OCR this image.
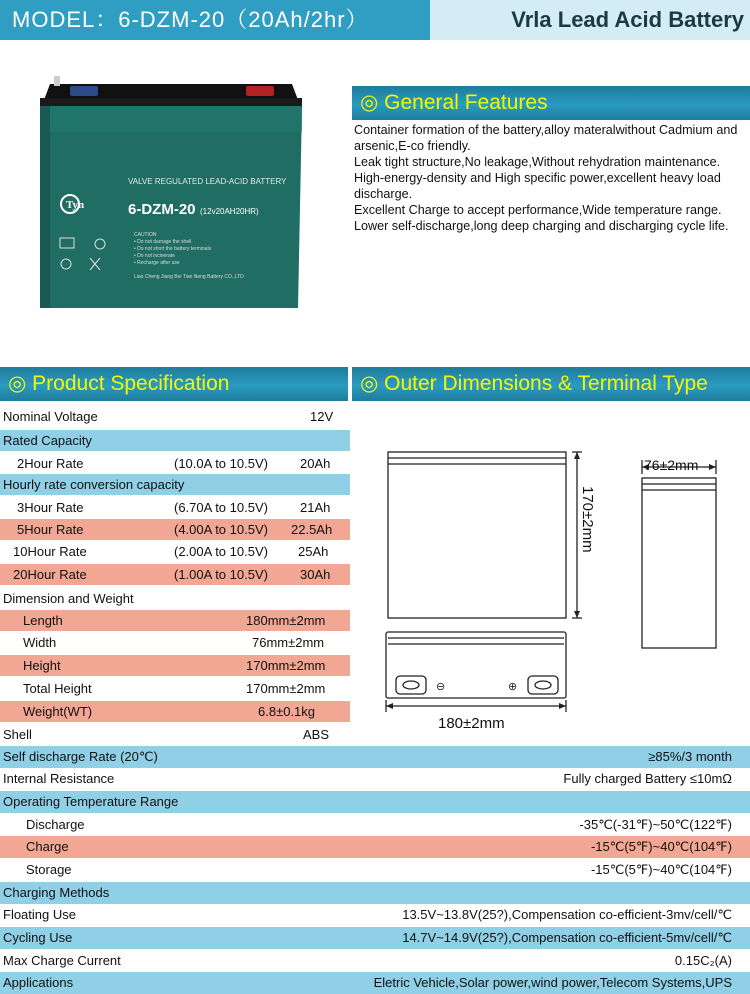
MODEL：6-DZM-20（20Ah/2hr）	Vrla Lead Acid Battery
Tyn
VALVE REGULATED LEAD-ACID BATTERY
6-DZM-20 (12v20AH20HR)
CAUTION
• Do not damage the shell
• Do not short the battery terminals
• Do not incinerate
• Recharge after use
Liao Cheng Jiang Bei Tian Neng Battery CO.,LTD
◎ General Features

Container formation of the battery,alloy materalwithout Cadmium and arsenic,E-co friendly.

Leak tight structure,No leakage,Without rehydration maintenance.

High-energy-density and High specific power,excellent heavy load discharge.

Excellent Charge to accept performance,Wide temperature range.

Lower self-discharge,long deep charging and discharging cycle life.

◎ Product Specification	◎ Outer Dimensions & Terminal Type
Nominal Voltage	12V
Rated Capacity
2Hour Rate	(10.0A to 10.5V) 20Ah
Hourly rate conversion capacity
3Hour Rate	(6.70A to 10.5V) 21Ah
5Hour Rate	(4.00A to 10.5V) 22.5Ah
10Hour Rate	(2.00A to 10.5V) 25Ah
20Hour Rate	(1.00A to 10.5V) 30Ah
Dimension and Weight
Length	180mm±2mm
Width	76mm±2mm
Height	170mm±2mm
Total Height	170mm±2mm
Weight(WT)	6.8±0.1kg
Shell	ABS
⊖	⊕
76±2mm
170±2mm
180±2mm
Self discharge Rate (20℃)	≥85%/3 month
Internal Resistance	Fully charged Battery ≤10mΩ
Operating Temperature Range
Discharge	-35℃(-31℉)~50℃(122℉)
Charge	-15℃(5℉)~40℃(104℉)
Storage	-15℃(5℉)~40℃(104℉)
Charging Methods
Floating Use	13.5V~13.8V(25?),Compensation co-efficient-3mv/cell/℃
Cycling Use	14.7V~14.9V(25?),Compensation co-efficient-5mv/cell/℃
Max Charge Current	0.15C₂(A)
Applications	Eletric Vehicle,Solar power,wind power,Telecom Systems,UPS
